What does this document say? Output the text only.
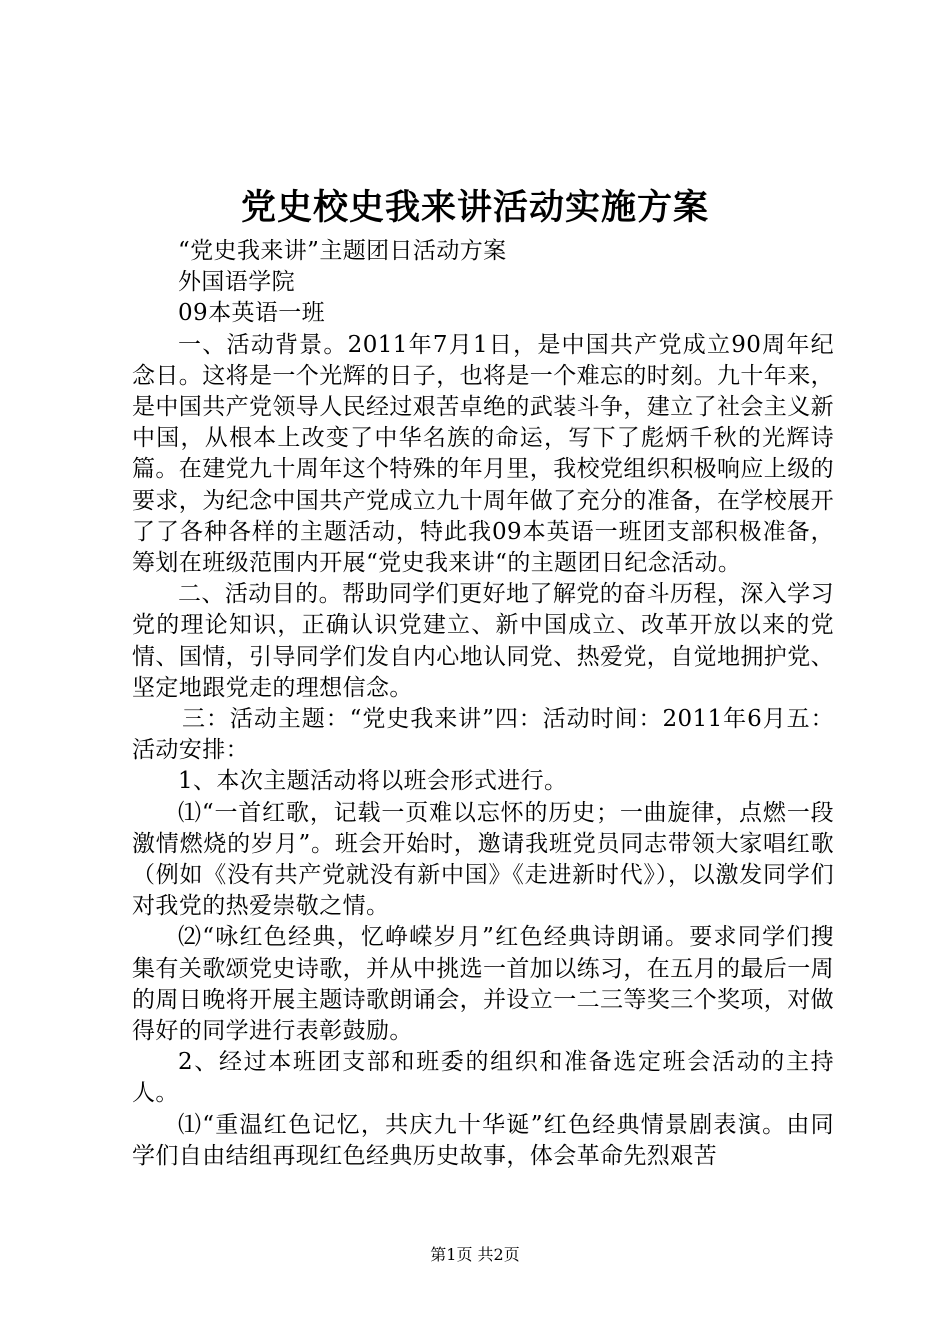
党史校史我来讲活动实施方案

“党史我来讲”主题团日活动方案

外国语学院

09本英语一班

一、活动背景。2011年7月1日，是中国共产党成立90周年纪念日。这将是一个光辉的日子，也将是一个难忘的时刻。九十年来，是中国共产党领导人民经过艰苦卓绝的武装斗争，建立了社会主义新中国，从根本上改变了中华名族的命运，写下了彪炳千秋的光辉诗篇。在建党九十周年这个特殊的年月里，我校党组织积极响应上级的要求，为纪念中国共产党成立九十周年做了充分的准备，在学校展开了了各种各样的主题活动，特此我09本英语一班团支部积极准备，筹划在班级范围内开展“党史我来讲“的主题团日纪念活动。

二、活动目的。帮助同学们更好地了解党的奋斗历程，深入学习党的理论知识，正确认识党建立、新中国成立、改革开放以来的党情、国情，引导同学们发自内心地认同党、热爱党，自觉地拥护党、坚定地跟党走的理想信念。

三：活动主题：“党史我来讲”四：活动时间：2011年6月五：活动安排：

1、本次主题活动将以班会形式进行。

⑴“一首红歌，记载一页难以忘怀的历史；一曲旋律，点燃一段激情燃烧的岁月”。班会开始时，邀请我班党员同志带领大家唱红歌（例如《没有共产党就没有新中国》《走进新时代》），以激发同学们对我党的热爱崇敬之情。

⑵“咏红色经典，忆峥嵘岁月”红色经典诗朗诵。要求同学们搜集有关歌颂党史诗歌，并从中挑选一首加以练习，在五月的最后一周的周日晚将开展主题诗歌朗诵会，并设立一二三等奖三个奖项，对做得好的同学进行表彰鼓励。

2、经过本班团支部和班委的组织和准备选定班会活动的主持人。

⑴“重温红色记忆，共庆九十华诞”红色经典情景剧表演。由同学们自由结组再现红色经典历史故事，体会革命先烈艰苦

第1页 共2页
